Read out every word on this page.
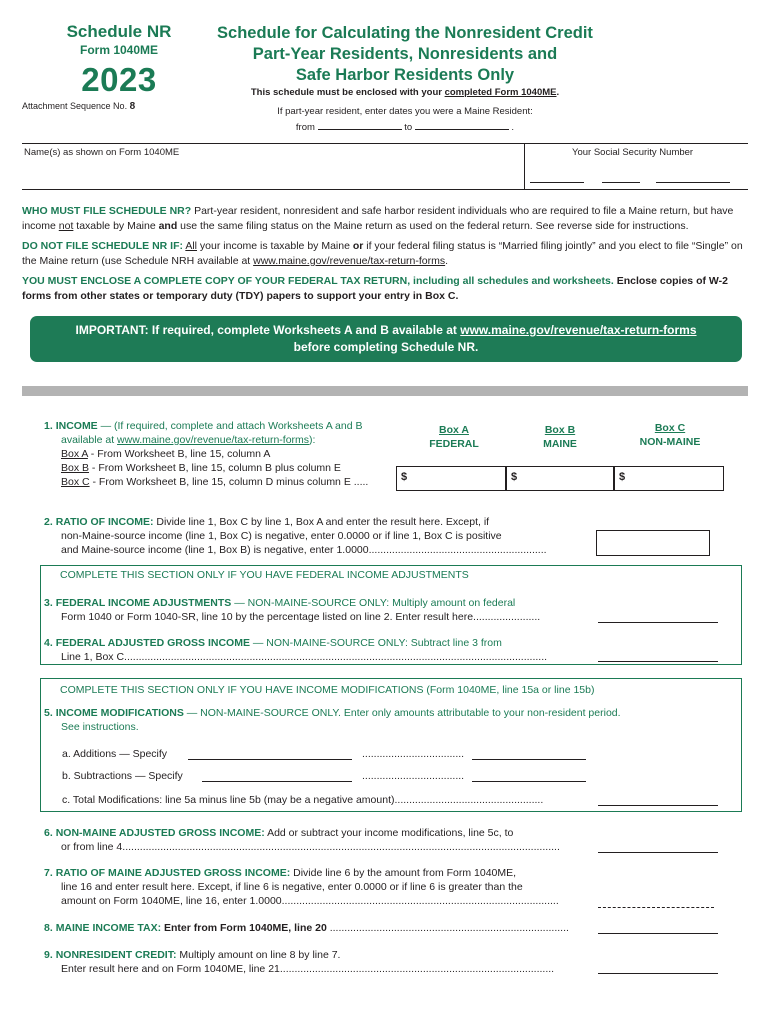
Schedule NR
Form 1040ME
2023
Attachment Sequence No. 8
Schedule for Calculating the Nonresident Credit
Part-Year Residents, Nonresidents and
Safe Harbor Residents Only
This schedule must be enclosed with your completed Form 1040ME.
If part-year resident, enter dates you were a Maine Resident:
from	to	.
Name(s) as shown on Form 1040ME	Your Social Security Number
WHO MUST FILE SCHEDULE NR? Part-year resident, nonresident and safe harbor resident individuals who are required to file a Maine return, but have income not taxable by Maine and use the same filing status on the Maine return as used on the federal return. See reverse side for instructions.
DO NOT FILE SCHEDULE NR IF: All your income is taxable by Maine or if your federal filing status is “Married filing jointly” and you elect to file “Single” on the Maine return (use Schedule NRH available at www.maine.gov/revenue/tax-return-forms.
YOU MUST ENCLOSE A COMPLETE COPY OF YOUR FEDERAL TAX RETURN, including all schedules and worksheets. Enclose copies of W-2 forms from other states or temporary duty (TDY) papers to support your entry in Box C.
IMPORTANT: If required, complete Worksheets A and B available at www.maine.gov/revenue/tax-return-forms
before completing Schedule NR.
1. INCOME — (If required, complete and attach Worksheets A and B
available at www.maine.gov/revenue/tax-return-forms):
Box A - From Worksheet B, line 15, column A
Box B - From Worksheet B, line 15, column B plus column E
Box C - From Worksheet B, line 15, column D minus column E .....
Box A
FEDERAL
Box B
MAINE
Box C
NON-MAINE
$	$	$
2. RATIO OF INCOME: Divide line 1, Box C by line 1, Box A and enter the result here. Except, if
non-Maine-source income (line 1, Box C) is negative, enter 0.0000 or if line 1, Box C is positive
and Maine-source income (line 1, Box B) is negative, enter 1.0000.............................................................
COMPLETE THIS SECTION ONLY IF YOU HAVE FEDERAL INCOME ADJUSTMENTS
3. FEDERAL INCOME ADJUSTMENTS — NON-MAINE-SOURCE ONLY: Multiply amount on federal
Form 1040 or Form 1040-SR, line 10 by the percentage listed on line 2. Enter result here.......................
4. FEDERAL ADJUSTED GROSS INCOME — NON-MAINE-SOURCE ONLY: Subtract line 3 from
Line 1, Box C.................................................................................................................................................
COMPLETE THIS SECTION ONLY IF YOU HAVE INCOME MODIFICATIONS (Form 1040ME, line 15a or line 15b)
5. INCOME MODIFICATIONS — NON-MAINE-SOURCE ONLY. Enter only amounts attributable to your non-resident period.
See instructions.
a. Additions — Specify	...................................
b. Subtractions — Specify	...................................
c. Total Modifications: line 5a minus line 5b (may be a negative amount)...................................................
6. NON-MAINE ADJUSTED GROSS INCOME: Add or subtract your income modifications, line 5c, to
or from line 4......................................................................................................................................................
7. RATIO OF MAINE ADJUSTED GROSS INCOME: Divide line 6 by the amount from Form 1040ME,
line 16 and enter result here. Except, if line 6 is negative, enter 0.0000 or if line 6 is greater than the
amount on Form 1040ME, line 16, enter 1.0000...............................................................................................
8. MAINE INCOME TAX: Enter from Form 1040ME, line 20 ..................................................................................
9. NONRESIDENT CREDIT: Multiply amount on line 8 by line 7.
Enter result here and on Form 1040ME, line 21..............................................................................................
